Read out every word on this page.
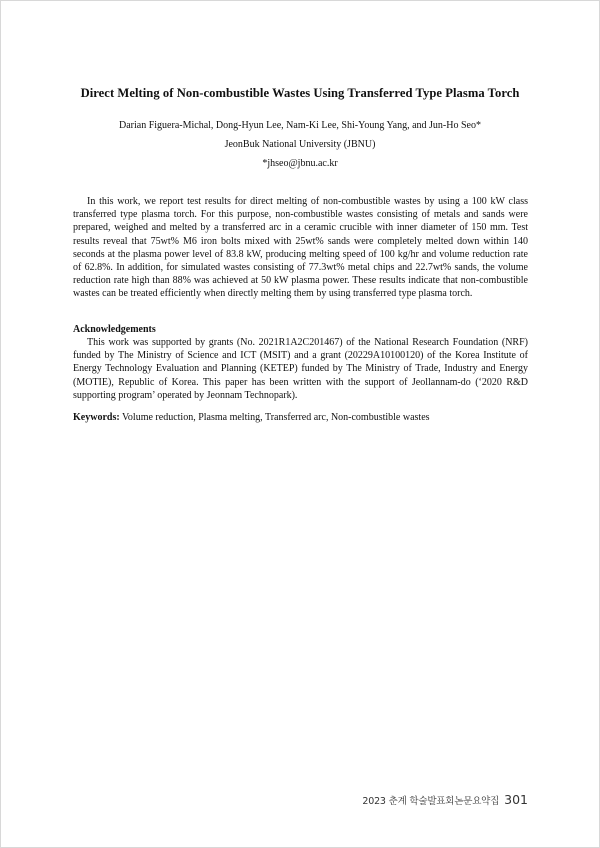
Direct Melting of Non-combustible Wastes Using Transferred Type Plasma Torch
Darian Figuera-Michal, Dong-Hyun Lee, Nam-Ki Lee, Shi-Young Yang, and Jun-Ho Seo*
JeonBuk National University (JBNU)
*jhseo@jbnu.ac.kr

In this work, we report test results for direct melting of non-combustible wastes by using a 100 kW class transferred type plasma torch. For this purpose, non-combustible wastes consisting of metals and sands were prepared, weighed and melted by a transferred arc in a ceramic crucible with inner diameter of 150 mm. Test results reveal that 75wt% M6 iron bolts mixed with 25wt% sands were completely melted down within 140 seconds at the plasma power level of 83.8 kW, producing melting speed of 100 kg/hr and volume reduction rate of 62.8%. In addition, for simulated wastes consisting of 77.3wt% metal chips and 22.7wt% sands, the volume reduction rate high than 88% was achieved at 50 kW plasma power. These results indicate that non-combustible wastes can be treated efficiently when directly melting them by using transferred type plasma torch.

Acknowledgements

This work was supported by grants (No. 2021R1A2C201467) of the National Research Foundation (NRF) funded by The Ministry of Science and ICT (MSIT) and a grant (20229A10100120) of the Korea Institute of Energy Technology Evaluation and Planning (KETEP) funded by The Ministry of Trade, Industry and Energy (MOTIE), Republic of Korea. This paper has been written with the support of Jeollannam-do (‘2020 R&D supporting program’ operated by Jeonnam Technopark).

Keywords: Volume reduction, Plasma melting, Transferred arc, Non-combustible wastes
2023 춘계 학술발표회논문요약집 301
